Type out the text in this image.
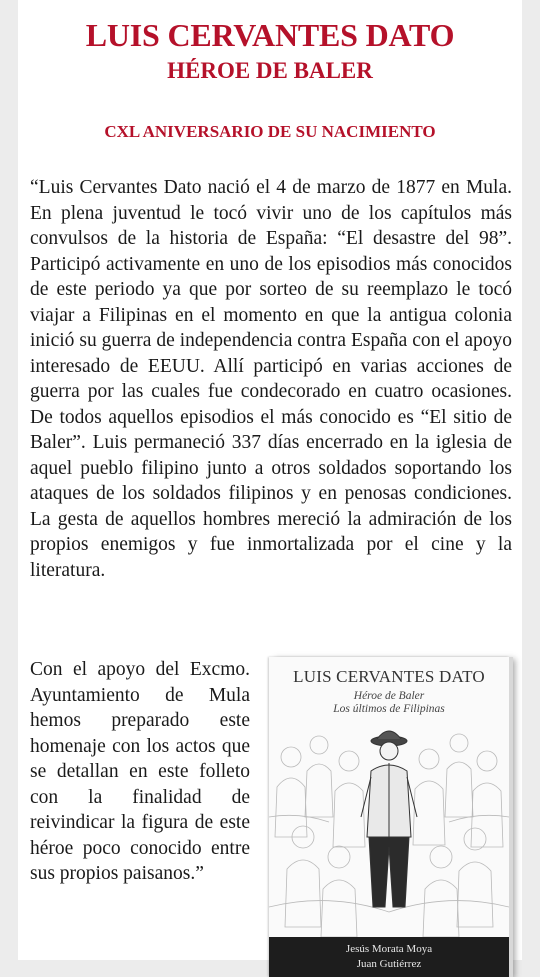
LUIS CERVANTES DATO
HÉROE DE BALER
CXL ANIVERSARIO DE SU NACIMIENTO
“Luis Cervantes Dato nació el 4 de marzo de 1877 en Mula. En plena juventud le tocó vivir uno de los capítulos más convulsos de la historia de España: “El desastre del 98”. Participó activamente en uno de los episodios más conocidos de este periodo ya que por sorteo de su reemplazo le tocó viajar a Filipinas en el momento en que la antigua colonia inició su guerra de independencia contra España con el apoyo interesado de EEUU. Allí participó en varias acciones de guerra por las cuales fue condecorado en cuatro ocasiones. De todos aquellos episodios el más conocido es “El sitio de Baler”. Luis permaneció 337 días encerrado en la iglesia de aquel pueblo filipino junto a otros soldados soportando los ataques de los soldados filipinos y en penosas condiciones. La gesta de aquellos hombres mereció la admiración de los propios enemigos y fue inmortalizada por el cine y la literatura.
Con el apoyo del Excmo. Ayuntamiento de Mula hemos preparado este homenaje con los actos que se detallan en este folleto con la finalidad de reivindicar la figura de este héroe poco conocido entre sus propios paisanos.”
LUIS CERVANTES DATO
Héroe de Baler
Los últimos de Filipinas
Jesús Morata Moya
Juan Gutiérrez
